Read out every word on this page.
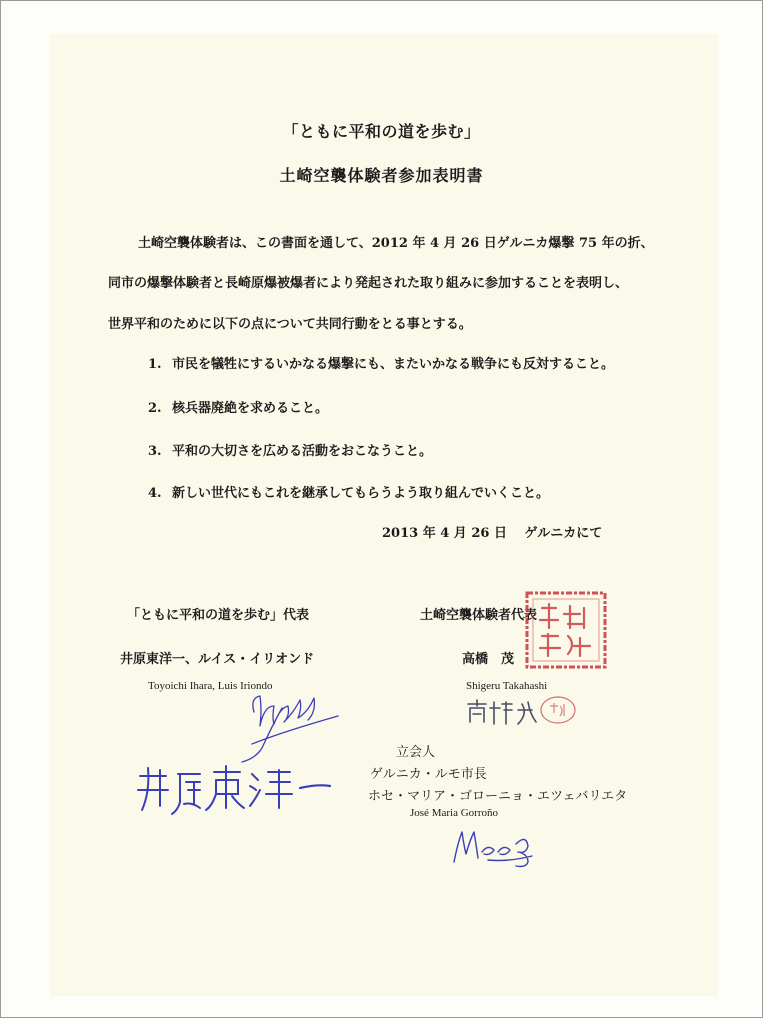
「ともに平和の道を歩む」
土崎空襲体験者参加表明書
土崎空襲体験者は、この書面を通して、2012 年 4 月 26 日ゲルニカ爆撃 75 年の折、
同市の爆撃体験者と長崎原爆被爆者により発起された取り組みに参加することを表明し、
世界平和のために以下の点について共同行動をとる事とする。
1. 市民を犠牲にするいかなる爆撃にも、またいかなる戦争にも反対すること。
2. 核兵器廃絶を求めること。
3. 平和の大切さを広める活動をおこなうこと。
4. 新しい世代にもこれを継承してもらうよう取り組んでいくこと。
2013 年 4 月 26 日　 ゲルニカにて
「ともに平和の道を歩む」代表
井原東洋一、ルイス・イリオンド
Toyoichi Ihara, Luis Iriondo
土崎空襲体験者代表
高橋　茂
Shigeru Takahashi
立会人
ゲルニカ・ルモ市長
ホセ・マリア・ゴローニョ・エツェバリエタ
José Maria Gorroño
